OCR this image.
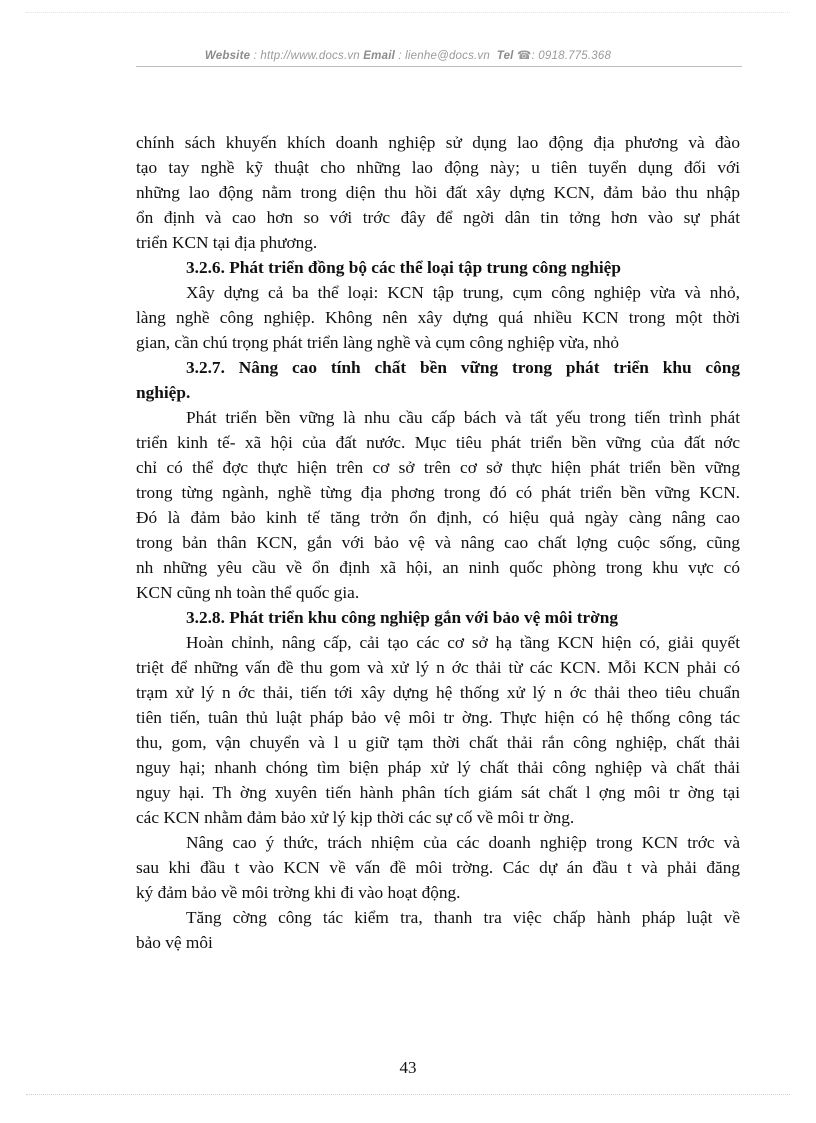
Website : http://www.docs.vn Email : lienhe@docs.vn Tel ☎: 0918.775.368
chính sách khuyến khích doanh nghiệp sử dụng lao động địa phương và đào
tạo tay nghề kỹ thuật cho những lao động này; u tiên tuyển dụng đối với
những lao động nằm trong diện thu hồi đất xây dựng KCN, đảm bảo thu nhập
ổn định và cao hơn so với trớc đây để ngời dân tin tởng hơn vào sự phát
triển KCN tại địa phương.
3.2.6. Phát triển đồng bộ các thể loại tập trung công nghiệp
Xây dựng cả ba thể loại: KCN tập trung, cụm công nghiệp vừa và nhỏ,
làng nghề công nghiệp. Không nên xây dựng quá nhiều KCN trong một thời
gian, cần chú trọng phát triển làng nghề và cụm công nghiệp vừa, nhỏ
3.2.7. Nâng cao tính chất bền vững trong phát triển khu công
nghiệp.
Phát triển bền vững là nhu cầu cấp bách và tất yếu trong tiến trình phát
triển kinh tế- xã hội của đất nước. Mục tiêu phát triển bền vững của đất nớc
chỉ có thể đợc thực hiện trên cơ sở trên cơ sở thực hiện phát triển bền vững
trong từng ngành, nghề từng địa phơng trong đó có phát triển bền vững KCN.
Đó là đảm bảo kinh tế tăng trởn ổn định, có hiệu quả ngày càng nâng cao
trong bản thân KCN, gắn với bảo vệ và nâng cao chất lợng cuộc sống, cũng
nh những yêu cầu về ổn định xã hội, an ninh quốc phòng trong khu vực có
KCN cũng nh toàn thể quốc gia.
3.2.8. Phát triển khu công nghiệp gắn với bảo vệ môi trờng
Hoàn chỉnh, nâng cấp, cải tạo các cơ sở hạ tầng KCN hiện có, giải quyết
triệt để những vấn đề thu gom và xử lý n ớc thải từ các KCN. Mỗi KCN phải có
trạm xử lý n ớc thải, tiến tới xây dựng hệ thống xử lý n ớc thải theo tiêu chuẩn
tiên tiến, tuân thủ luật pháp bảo vệ môi tr ờng. Thực hiện có hệ thống công tác
thu, gom, vận chuyển và l u giữ tạm thời chất thải rắn công nghiệp, chất thải
nguy hại; nhanh chóng tìm biện pháp xử lý chất thải công nghiệp và chất thải
nguy hại. Th ờng xuyên tiến hành phân tích giám sát chất l ợng môi tr ờng tại
các KCN nhằm đảm bảo xử lý kịp thời các sự cố về môi tr ờng.
Nâng cao ý thức, trách nhiệm của các doanh nghiệp trong KCN trớc và
sau khi đầu t vào KCN về vấn đề môi trờng. Các dự án đầu t và phải đăng
ký đảm bảo về môi trờng khi đi vào hoạt động.
Tăng cờng công tác kiểm tra, thanh tra việc chấp hành pháp luật về
bảo vệ môi
43
